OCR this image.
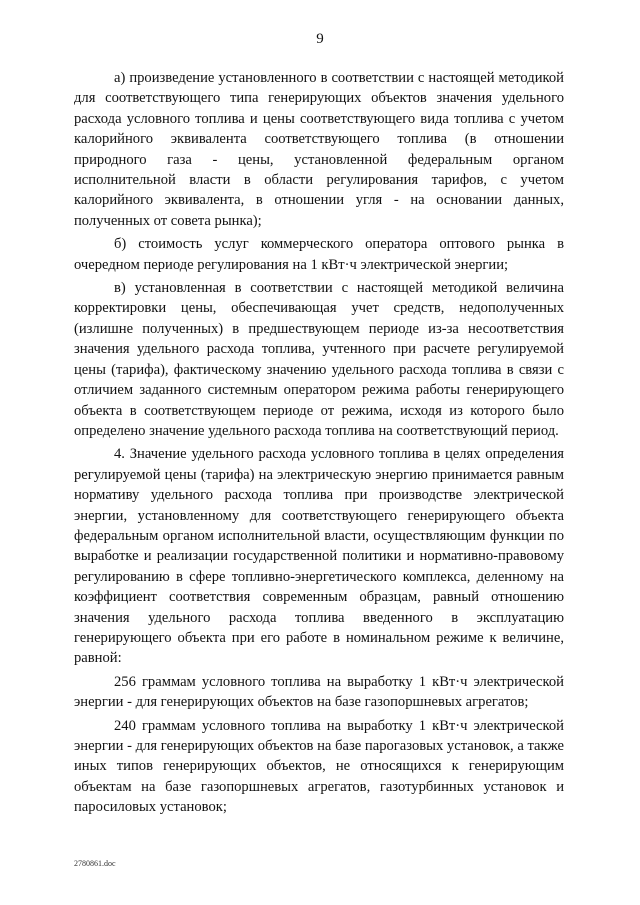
9

а) произведение установленного в соответствии с настоящей методикой для соответствующего типа генерирующих объектов значения удельного расхода условного топлива и цены соответствующего вида топлива с учетом калорийного эквивалента соответствующего топлива (в отношении природного газа - цены, установленной федеральным органом исполнительной власти в области регулирования тарифов, с учетом калорийного эквивалента, в отношении угля - на основании данных, полученных от совета рынка);

б) стоимость услуг коммерческого оператора оптового рынка в очередном периоде регулирования на 1 кВт·ч электрической энергии;

в) установленная в соответствии с настоящей методикой величина корректировки цены, обеспечивающая учет средств, недополученных (излишне полученных) в предшествующем периоде из-за несоответствия значения удельного расхода топлива, учтенного при расчете регулируемой цены (тарифа), фактическому значению удельного расхода топлива в связи с отличием заданного системным оператором режима работы генерирующего объекта в соответствующем периоде от режима, исходя из которого было определено значение удельного расхода топлива на соответствующий период.

4. Значение удельного расхода условного топлива в целях определения регулируемой цены (тарифа) на электрическую энергию принимается равным нормативу удельного расхода топлива при производстве электрической энергии, установленному для соответствующего генерирующего объекта федеральным органом исполнительной власти, осуществляющим функции по выработке и реализации государственной политики и нормативно-правовому регулированию в сфере топливно-энергетического комплекса, деленному на коэффициент соответствия современным образцам, равный отношению значения удельного расхода топлива введенного в эксплуатацию генерирующего объекта при его работе в номинальном режиме к величине, равной:

256 граммам условного топлива на выработку 1 кВт·ч электрической энергии - для генерирующих объектов на базе газопоршневых агрегатов;

240 граммам условного топлива на выработку 1 кВт·ч электрической энергии - для генерирующих объектов на базе парогазовых установок, а также иных типов генерирующих объектов, не относящихся к генерирующим объектам на базе газопоршневых агрегатов, газотурбинных установок и паросиловых установок;

2780861.doc
